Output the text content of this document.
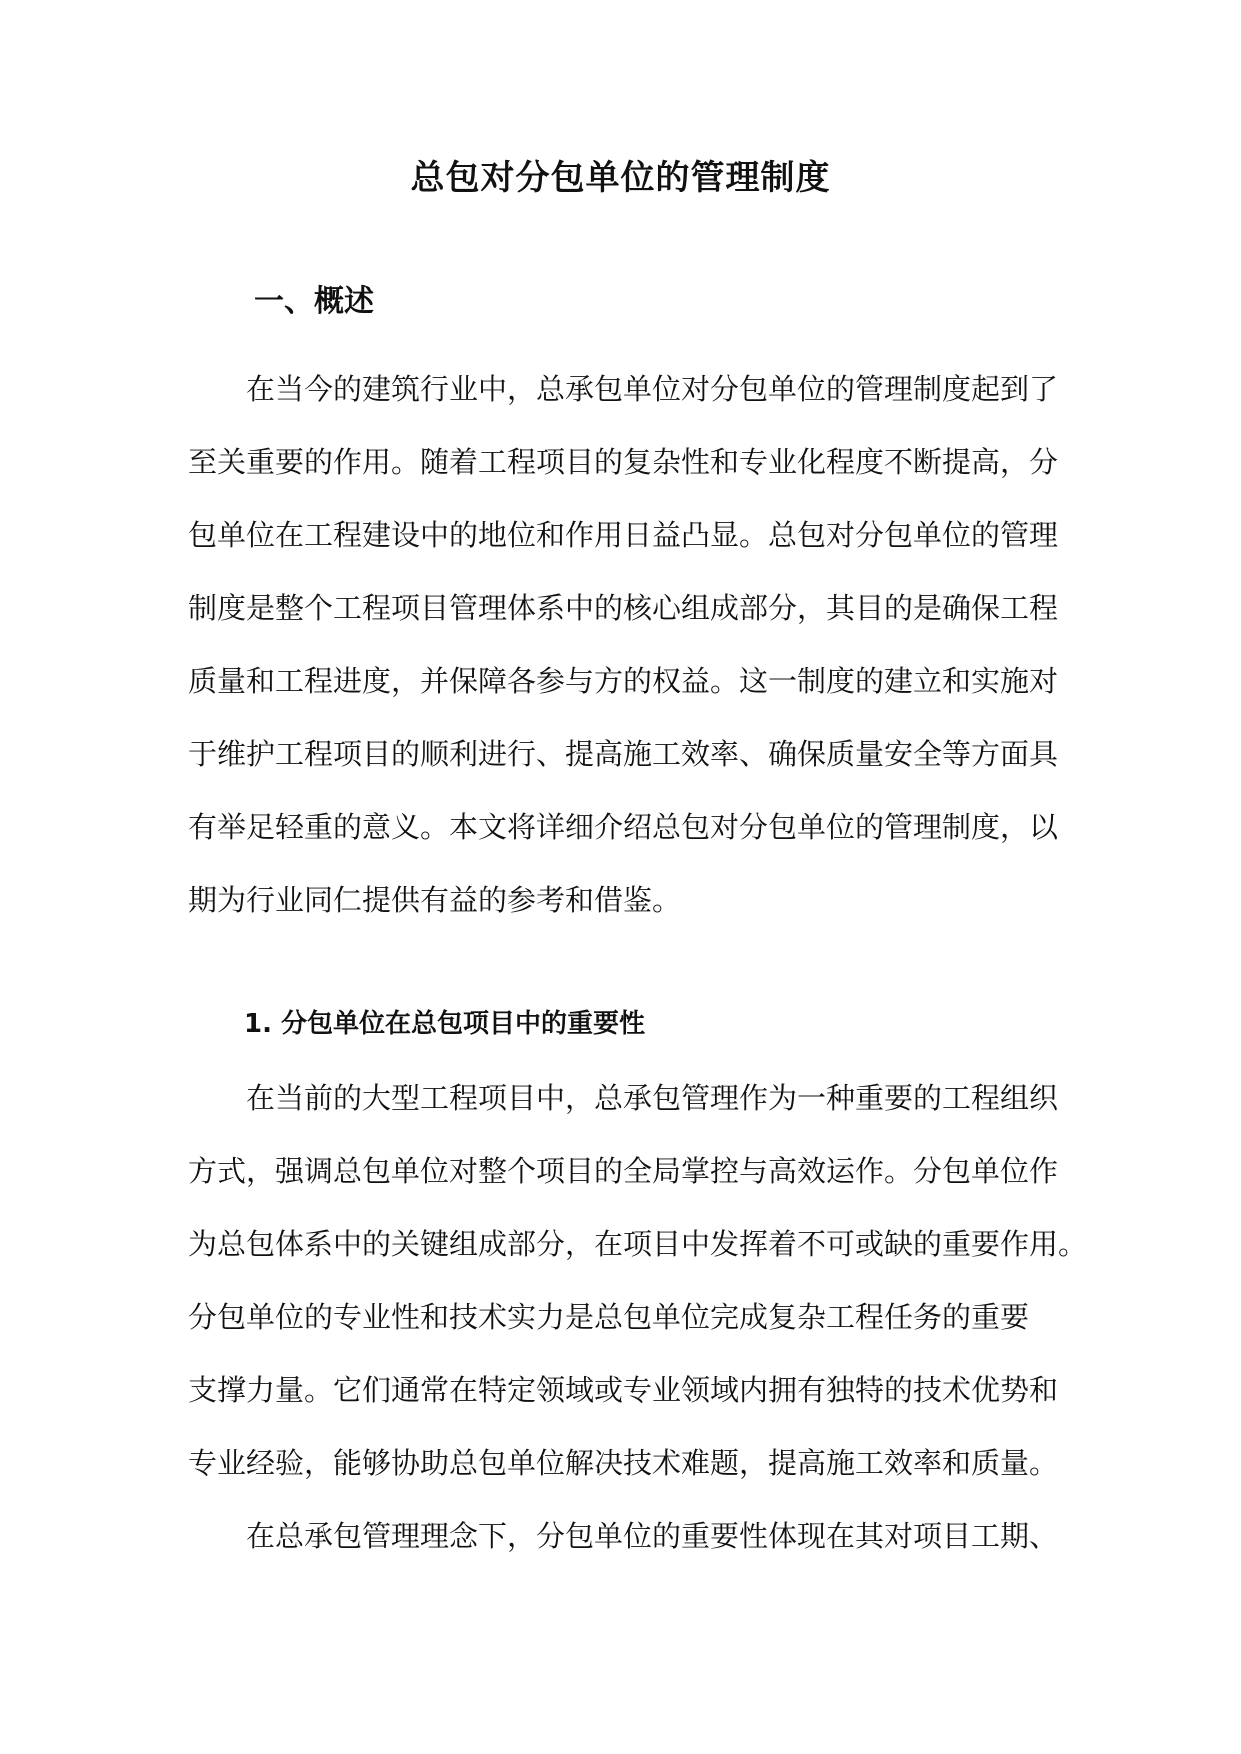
总包对分包单位的管理制度
一、概述
在当今的建筑行业中，总承包单位对分包单位的管理制度起到了
至关重要的作用。随着工程项目的复杂性和专业化程度不断提高，分
包单位在工程建设中的地位和作用日益凸显。总包对分包单位的管理
制度是整个工程项目管理体系中的核心组成部分，其目的是确保工程
质量和工程进度，并保障各参与方的权益。这一制度的建立和实施对
于维护工程项目的顺利进行、提高施工效率、确保质量安全等方面具
有举足轻重的意义。本文将详细介绍总包对分包单位的管理制度，以
期为行业同仁提供有益的参考和借鉴。
1. 分包单位在总包项目中的重要性
在当前的大型工程项目中，总承包管理作为一种重要的工程组织
方式，强调总包单位对整个项目的全局掌控与高效运作。分包单位作
为总包体系中的关键组成部分，在项目中发挥着不可或缺的重要作用。
分包单位的专业性和技术实力是总包单位完成复杂工程任务的重要
支撑力量。它们通常在特定领域或专业领域内拥有独特的技术优势和
专业经验，能够协助总包单位解决技术难题，提高施工效率和质量。
在总承包管理理念下，分包单位的重要性体现在其对项目工期、
